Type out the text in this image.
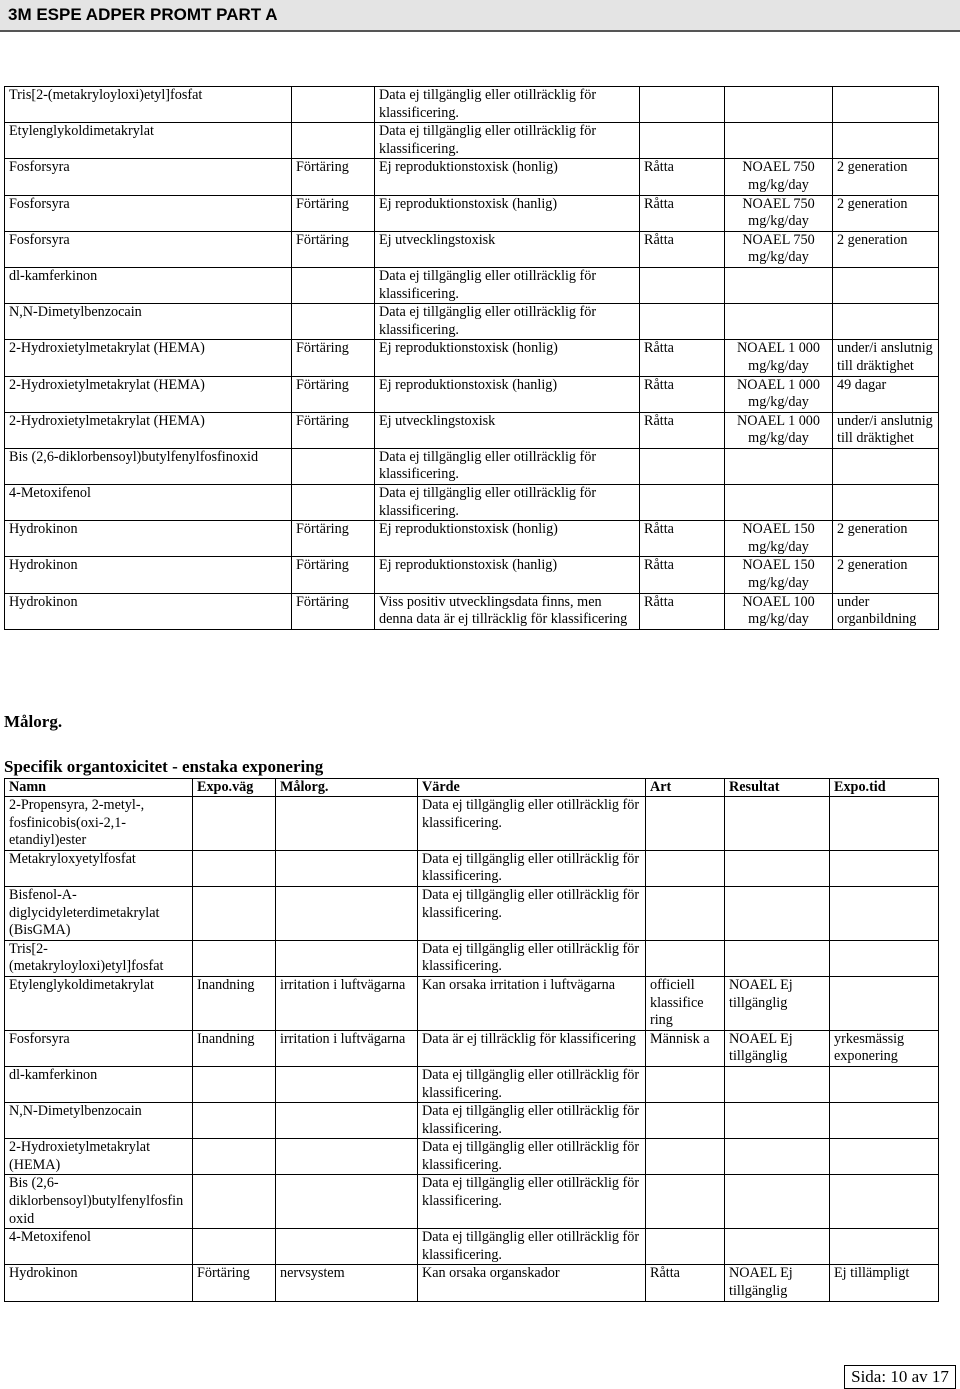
3M ESPE ADPER PROMT PART A
Tris[2-(metakryloyloxi)etyl]fosfat		Data ej tillgänglig eller otillräcklig för klassificering.			
Etylenglykoldimetakrylat		Data ej tillgänglig eller otillräcklig för klassificering.			
Fosforsyra	Förtäring	Ej reproduktionstoxisk (honlig)	Råtta	NOAEL 750 mg/kg/day	2 generation
Fosforsyra	Förtäring	Ej reproduktionstoxisk (hanlig)	Råtta	NOAEL 750 mg/kg/day	2 generation
Fosforsyra	Förtäring	Ej utvecklingstoxisk	Råtta	NOAEL 750 mg/kg/day	2 generation
dl-kamferkinon		Data ej tillgänglig eller otillräcklig för klassificering.			
N,N-Dimetylbenzocain		Data ej tillgänglig eller otillräcklig för klassificering.			
2-Hydroxietylmetakrylat (HEMA)	Förtäring	Ej reproduktionstoxisk (honlig)	Råtta	NOAEL 1 000 mg/kg/day	under/i anslutnig till dräktighet
2-Hydroxietylmetakrylat (HEMA)	Förtäring	Ej reproduktionstoxisk (hanlig)	Råtta	NOAEL 1 000 mg/kg/day	49 dagar
2-Hydroxietylmetakrylat (HEMA)	Förtäring	Ej utvecklingstoxisk	Råtta	NOAEL 1 000 mg/kg/day	under/i anslutnig till dräktighet
Bis (2,6-diklorbensoyl)butylfenylfosfinoxid		Data ej tillgänglig eller otillräcklig för klassificering.			
4-Metoxifenol		Data ej tillgänglig eller otillräcklig för klassificering.			
Hydrokinon	Förtäring	Ej reproduktionstoxisk (honlig)	Råtta	NOAEL 150 mg/kg/day	2 generation
Hydrokinon	Förtäring	Ej reproduktionstoxisk (hanlig)	Råtta	NOAEL 150 mg/kg/day	2 generation
Hydrokinon	Förtäring	Viss positiv utvecklingsdata finns, men denna data är ej tillräcklig för klassificering	Råtta	NOAEL 100 mg/kg/day	under organbildning
Målorg.
Specifik organtoxicitet - enstaka exponering
Namn	Expo.väg	Målorg.	Värde	Art	Resultat	Expo.tid
2-Propensyra, 2-metyl-, fosfinicobis(oxi-2,1-etandiyl)ester			Data ej tillgänglig eller otillräcklig för klassificering.			
Metakryloxyetylfosfat			Data ej tillgänglig eller otillräcklig för klassificering.			
Bisfenol-A-diglycidyleterdimetakrylat (BisGMA)			Data ej tillgänglig eller otillräcklig för klassificering.			
Tris[2-(metakryloyloxi)etyl]fosfat			Data ej tillgänglig eller otillräcklig för klassificering.			
Etylenglykoldimetakrylat	Inandning	irritation i luftvägarna	Kan orsaka irritation i luftvägarna	officiell klassifice ring	NOAEL Ej tillgänglig	
Fosforsyra	Inandning	irritation i luftvägarna	Data är ej tillräcklig för klassificering	Människ a	NOAEL Ej tillgänglig	yrkesmässig exponering
dl-kamferkinon			Data ej tillgänglig eller otillräcklig för klassificering.			
N,N-Dimetylbenzocain			Data ej tillgänglig eller otillräcklig för klassificering.			
2-Hydroxietylmetakrylat (HEMA)			Data ej tillgänglig eller otillräcklig för klassificering.			
Bis (2,6-diklorbensoyl)butylfenylfosfinoxid			Data ej tillgänglig eller otillräcklig för klassificering.			
4-Metoxifenol			Data ej tillgänglig eller otillräcklig för klassificering.			
Hydrokinon	Förtäring	nervsystem	Kan orsaka organskador	Råtta	NOAEL Ej tillgänglig	Ej tillämpligt
Sida: 10 av 17
